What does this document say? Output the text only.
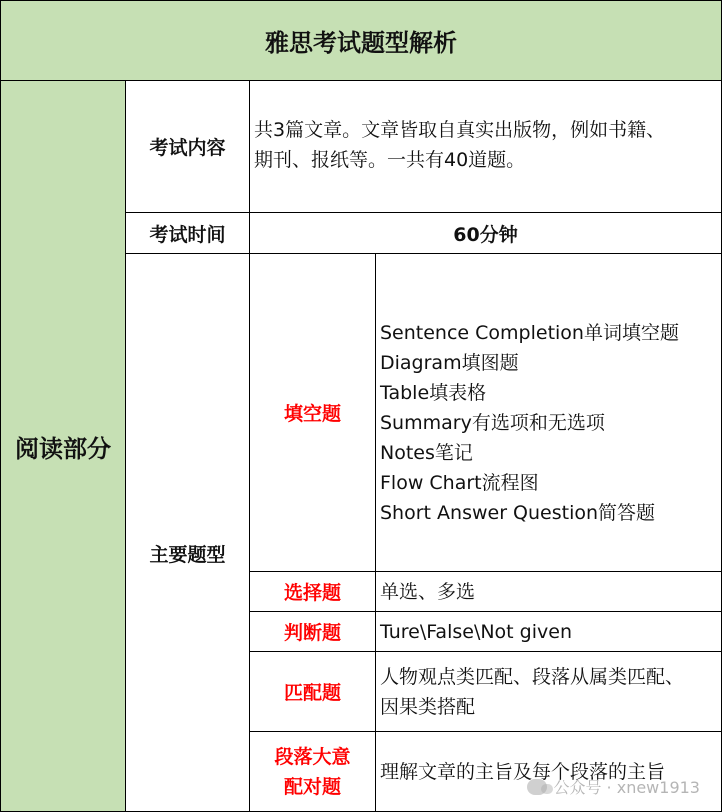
雅思考试题型解析
阅读部分
考试内容
共3篇文章。文章皆取自真实出版物，例如书籍、
期刊、报纸等。一共有40道题。
考试时间	60分钟
主要题型
填空题
Sentence Completion单词填空题
Diagram填图题
Table填表格
Summary有选项和无选项
Notes笔记
Flow Chart流程图
Short Answer Question简答题
选择题 单选、多选
判断题 Ture\False\Not given
匹配题
人物观点类匹配、段落从属类匹配、
因果类搭配
段落大意
配对题
理解文章的主旨及每个段落的主旨
公众号 · xnew1913
